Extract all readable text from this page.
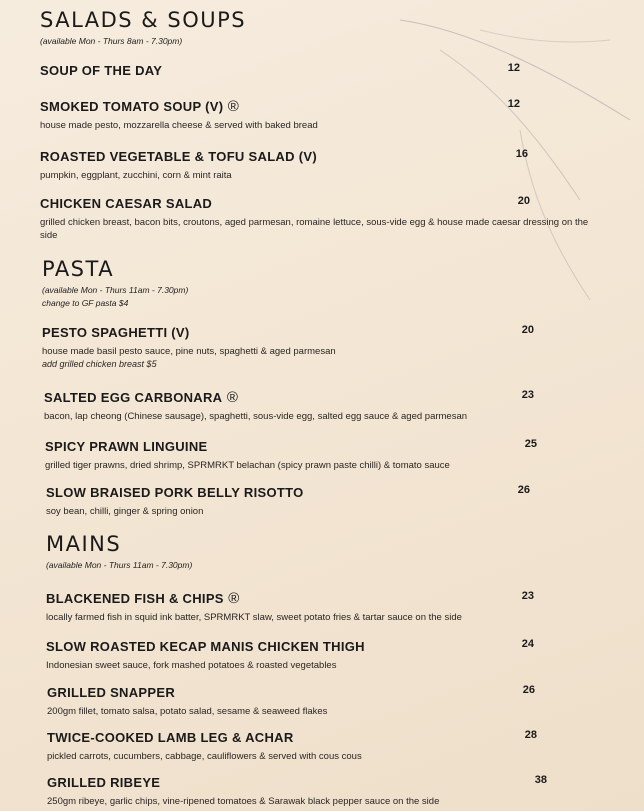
SALADS & SOUPS
(available Mon - Thurs 8am - 7.30pm)
SOUP OF THE DAY	12
SMOKED TOMATO SOUP (V) ®	12
house made pesto, mozzarella cheese & served with baked bread
ROASTED VEGETABLE & TOFU SALAD (V)	16
pumpkin, eggplant, zucchini, corn & mint raita
CHICKEN CAESAR SALAD	20
grilled chicken breast, bacon bits, croutons, aged parmesan, romaine lettuce, sous-vide egg & house made caesar dressing on the side
PASTA
(available Mon - Thurs 11am - 7.30pm)
change to GF pasta $4
PESTO SPAGHETTI (V)	20
house made basil pesto sauce, pine nuts, spaghetti & aged parmesan
add grilled chicken breast $5
SALTED EGG CARBONARA ®	23
bacon, lap cheong (Chinese sausage), spaghetti, sous-vide egg, salted egg sauce & aged parmesan
SPICY PRAWN LINGUINE	25
grilled tiger prawns, dried shrimp, SPRMRKT belachan (spicy prawn paste chilli) & tomato sauce
SLOW BRAISED PORK BELLY RISOTTO	26
soy bean, chilli, ginger & spring onion
MAINS
(available Mon - Thurs 11am - 7.30pm)
BLACKENED FISH & CHIPS ®	23
locally farmed fish in squid ink batter, SPRMRKT slaw, sweet potato fries & tartar sauce on the side
SLOW ROASTED KECAP MANIS CHICKEN THIGH	24
Indonesian sweet sauce, fork mashed potatoes & roasted vegetables
GRILLED SNAPPER	26
200gm fillet, tomato salsa, potato salad, sesame & seaweed flakes
TWICE-COOKED LAMB LEG & ACHAR	28
pickled carrots, cucumbers, cabbage, cauliflowers & served with cous cous
GRILLED RIBEYE	38
250gm ribeye, garlic chips, vine-ripened tomatoes & Sarawak black pepper sauce on the side
